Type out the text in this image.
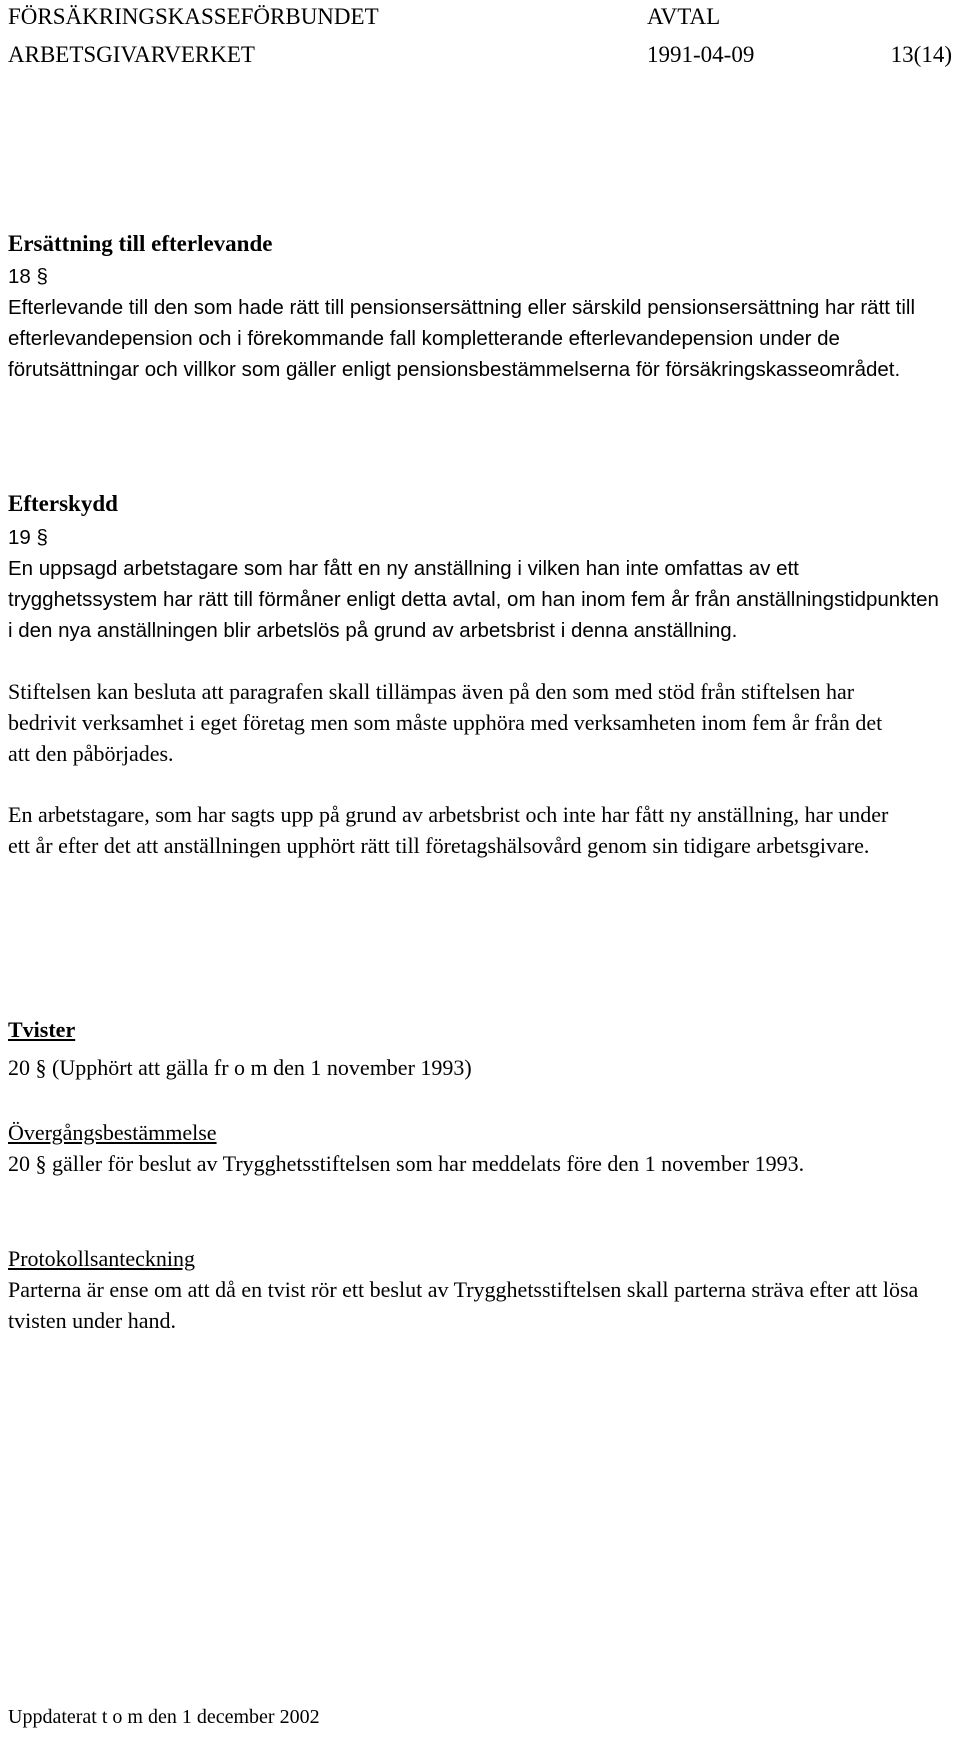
FÖRSÄKRINGSKASSEFÖRBUNDET	AVTAL
ARBETSGIVARVERKET	1991-04-09	13(14)

Ersättning till efterlevande

18 §

Efterlevande till den som hade rätt till pensionsersättning eller särskild pensionsersättning har rätt till efterlevandepension och i förekommande fall kompletterande efterlevandepension under de förutsättningar och villkor som gäller enligt pensionsbestämmelserna för försäkringskasseområdet.

Efterskydd

19 §

En uppsagd arbetstagare som har fått en ny anställning i vilken han inte omfattas av ett trygghetssystem har rätt till förmåner enligt detta avtal, om han inom fem år från anställningstidpunkten i den nya anställningen blir arbetslös på grund av arbetsbrist i denna anställning.

Stiftelsen kan besluta att paragrafen skall tillämpas även på den som med stöd från stiftelsen har bedrivit verksamhet i eget företag men som måste upphöra med verksamheten inom fem år från det att den påbörjades.

En arbetstagare, som har sagts upp på grund av arbetsbrist och inte har fått ny anställning, har under ett år efter det att anställningen upphört rätt till företagshälsovård genom sin tidigare arbetsgivare.

Tvister

20 § (Upphört att gälla fr o m den 1 november 1993)

Övergångsbestämmelse

20 § gäller för beslut av Trygghetsstiftelsen som har meddelats före den 1 november 1993.

Protokollsanteckning

Parterna är ense om att då en tvist rör ett beslut av Trygghetsstiftelsen skall parterna sträva efter att lösa tvisten under hand.

Uppdaterat t o m den 1 december 2002
